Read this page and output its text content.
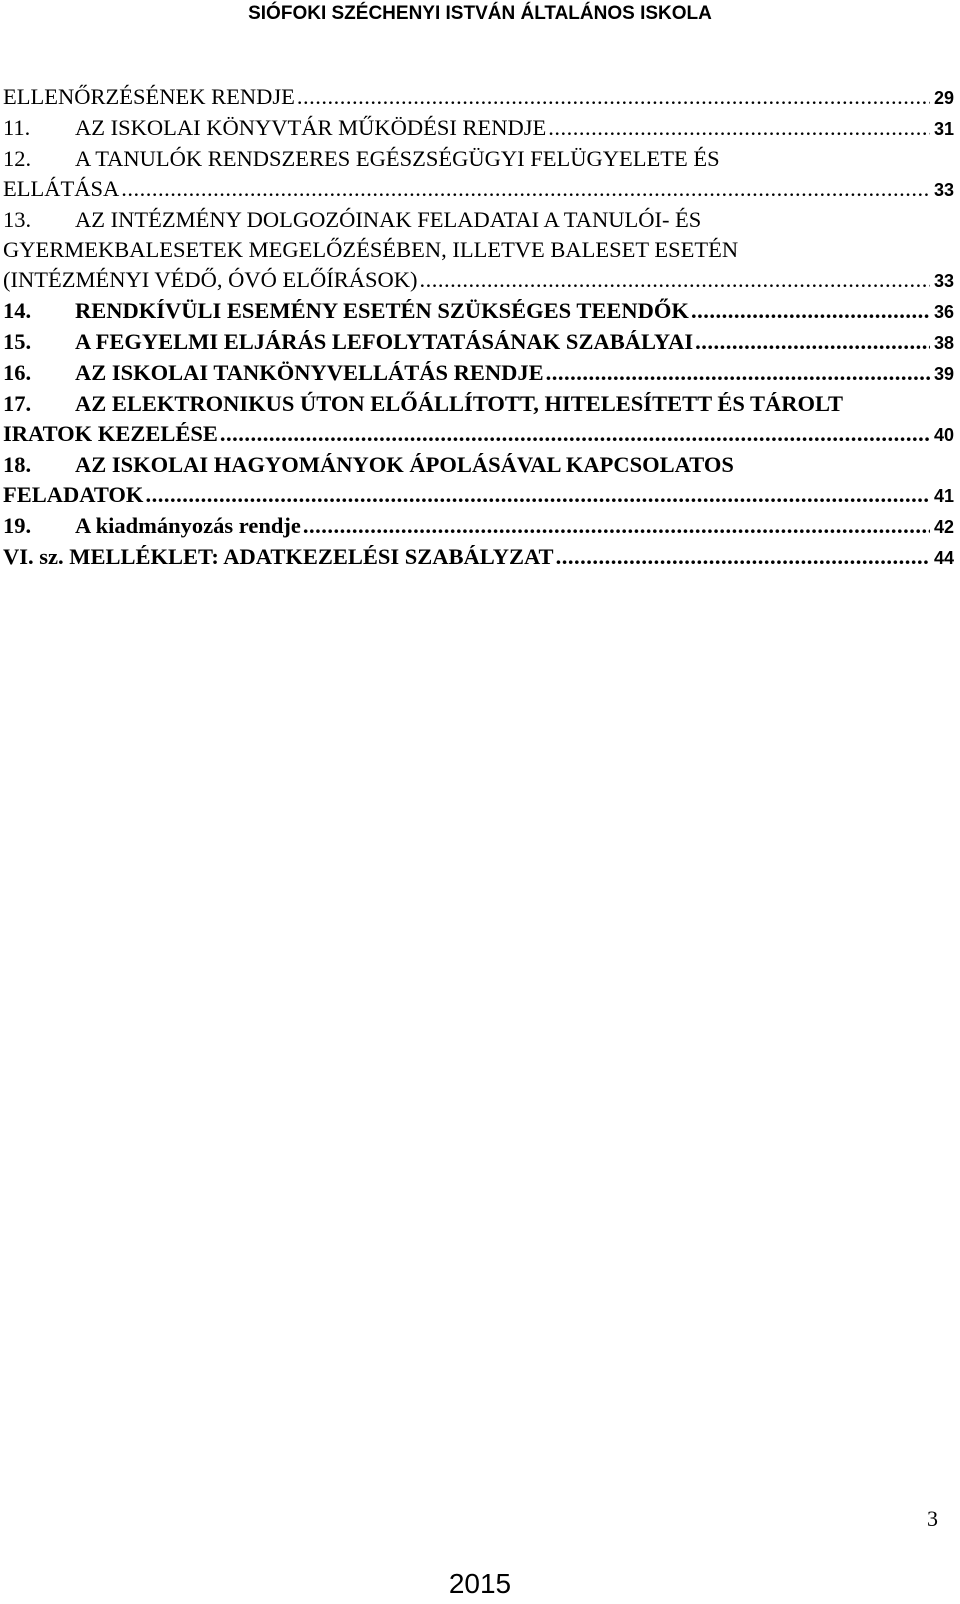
SIÓFOKI SZÉCHENYI ISTVÁN ÁLTALÁNOS ISKOLA
ELLENŐRZÉSÉNEK RENDJE .....	29
11.	AZ ISKOLAI KÖNYVTÁR MŰKÖDÉSI RENDJE .....	31
12.	A TANULÓK RENDSZERES EGÉSZSÉGÜGYI FELÜGYELETE ÉS
ELLÁTÁSA .....	33
13.	AZ INTÉZMÉNY DOLGOZÓINAK FELADATAI A TANULÓI- ÉS
GYERMEKBALESETEK MEGELŐZÉSÉBEN, ILLETVE BALESET ESETÉN
(INTÉZMÉNYI VÉDŐ, ÓVÓ ELŐÍRÁSOK) .....	33
14.	RENDKÍVÜLI ESEMÉNY ESETÉN SZÜKSÉGES TEENDŐK .....	36
15.	A FEGYELMI ELJÁRÁS LEFOLYTATÁSÁNAK SZABÁLYAI .....	38
16.	AZ ISKOLAI TANKÖNYVELLÁTÁS RENDJE .....	39
17.	AZ ELEKTRONIKUS ÚTON ELŐÁLLÍTOTT, HITELESÍTETT ÉS TÁROLT
IRATOK KEZELÉSE .....	40
18.	AZ ISKOLAI HAGYOMÁNYOK ÁPOLÁSÁVAL KAPCSOLATOS
FELADATOK .....	41
19.	A kiadmányozás rendje .....	42
VI. sz. MELLÉKLET: ADATKEZELÉSI SZABÁLYZAT .....	44
3
2015
